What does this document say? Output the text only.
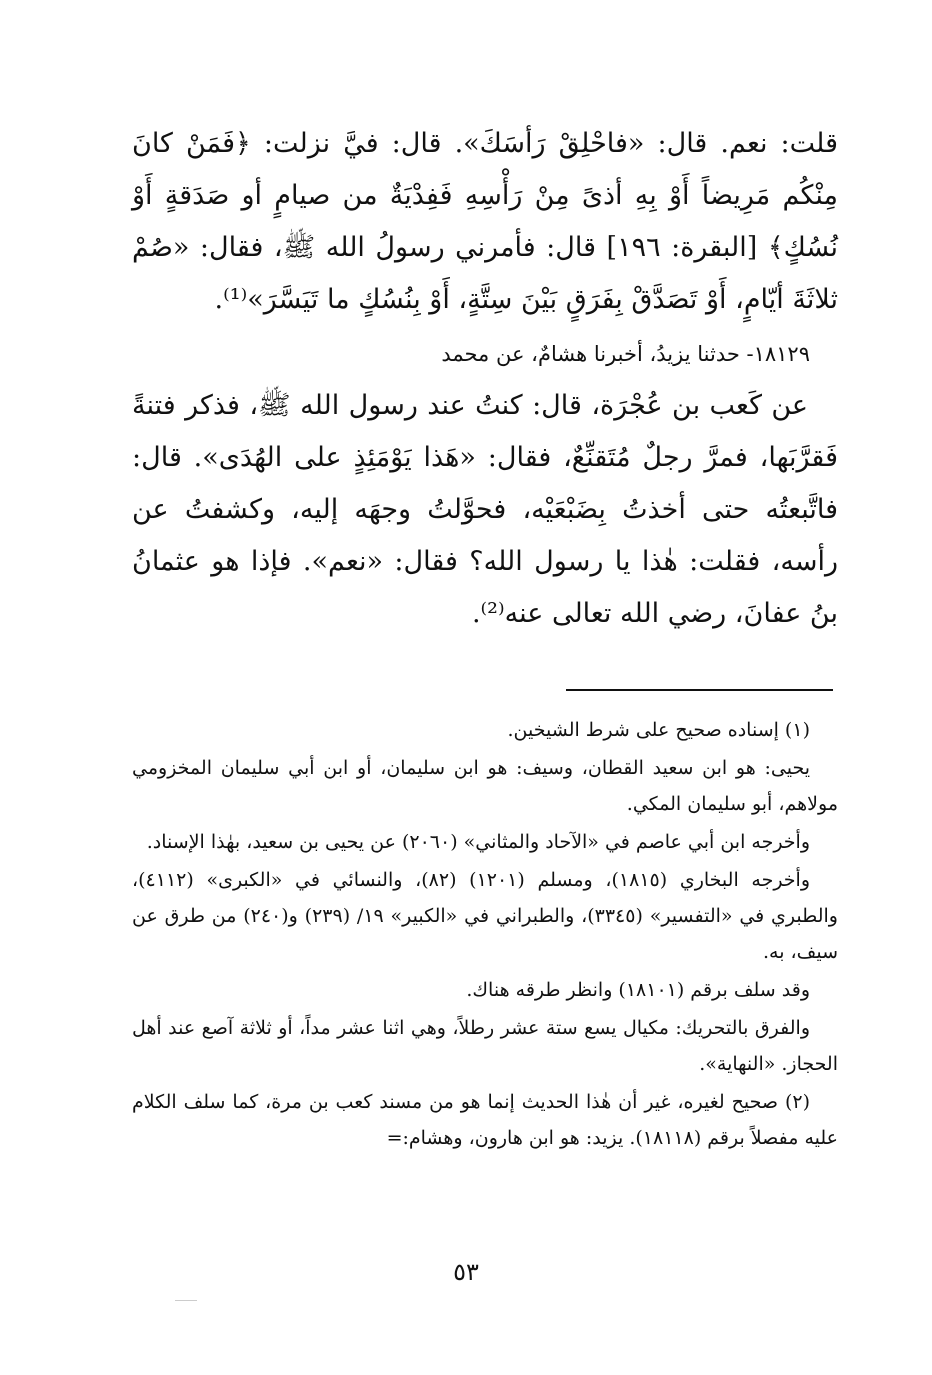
قلت: نعم. قال: «فاحْلِقْ رَأسَكَ». قال: فيَّ نزلت: ﴿فَمَنْ كانَ مِنْكُم مَرِيضاً أَوْ بِهِ أذىً مِنْ رَأْسِهِ فَفِدْيَةٌ من صيامٍ أو صَدَقةٍ أَوْ نُسُكٍ﴾ [البقرة: ١٩٦] قال: فأمرني رسولُ الله ﷺ، فقال: «صُمْ ثلاثَةَ أيّامٍ، أَوْ تَصَدَّقْ بِفَرَقٍ بَيْنَ سِتَّةٍ، أَوْ بِنُسُكٍ ما تَيَسَّرَ»⁽¹⁾.

١٨١٢٩- حدثنا يزيدُ، أخبرنا هشامٌ، عن محمد

عن كَعب بن عُجْرَة، قال: كنتُ عند رسول الله ﷺ، فذكر فتنةً فَقرَّبَها، فمرَّ رجلٌ مُتَقنِّعٌ، فقال: «هَذا يَوْمَئِذٍ على الهُدَى». قال: فاتَّبعتُه حتى أخذتُ بِضَبْعَيْه، فحوَّلتُ وجهَه إليه، وكشفتُ عن رأسه، فقلت: هٰذا يا رسول الله؟ فقال: «نعم». فإذا هو عثمانُ بنُ عفانَ، رضي الله تعالى عنه⁽²⁾.

(١) إسناده صحيح على شرط الشيخين.

يحيى: هو ابن سعيد القطان، وسيف: هو ابن سليمان، أو ابن أبي سليمان المخزومي مولاهم، أبو سليمان المكي.

وأخرجه ابن أبي عاصم في «الآحاد والمثاني» (٢٠٦٠) عن يحيى بن سعيد، بهٰذا الإسناد.

وأخرجه البخاري (١٨١٥)، ومسلم (١٢٠١) (٨٢)، والنسائي في «الكبرى» (٤١١٢)، والطبري في «التفسير» (٣٣٤٥)، والطبراني في «الكبير» ١٩/ (٢٣٩) و(٢٤٠) من طرق عن سيف، به.

وقد سلف برقم (١٨١٠١) وانظر طرقه هناك.

والفرق بالتحريك: مكيال يسع ستة عشر رطلاً، وهي اثنا عشر مداً، أو ثلاثة آصع عند أهل الحجاز. «النهاية».

(٢) صحيح لغيره، غير أن هٰذا الحديث إنما هو من مسند كعب بن مرة، كما سلف الكلام عليه مفصلاً برقم (١٨١١٨). يزيد: هو ابن هارون، وهشام:=

٥٣
